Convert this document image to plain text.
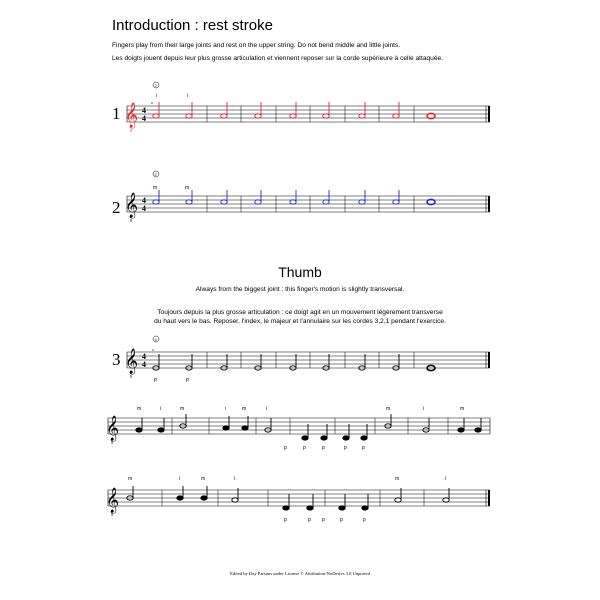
Introduction : rest stroke
Fingers play from their large joints and rest on the upper string. Do not bend middle and little joints.
Les doigts jouent depuis leur plus grosse articulation et viennent reposer sur la corde supérieure à celle attaquée.
1 𝄞
8
4
4
2
i	i
o
2 𝄞
8
4
4
2
m	m
3 𝄞
8
4
4
4
o
p	p
𝄞
8
m	i	m	i	m	i	m	i	m
p	p	p	p
p
𝄞
8
m	i	m	i	m	i
p	p	p	p
p
Thumb
Always from the biggest joint : this finger's motion is slightly transversal.
Toujours depuis la plus grosse articulation : ce doigt agit en un mouvement légèrement transverse
du haut vers le bas. Reposer, l'index, le majeur et l'annulaire sur les cordes 3,2,1 pendant l'exercice.
Edited by Day Parsons under License © Attribution-NoDerivs 3.0 Unported
